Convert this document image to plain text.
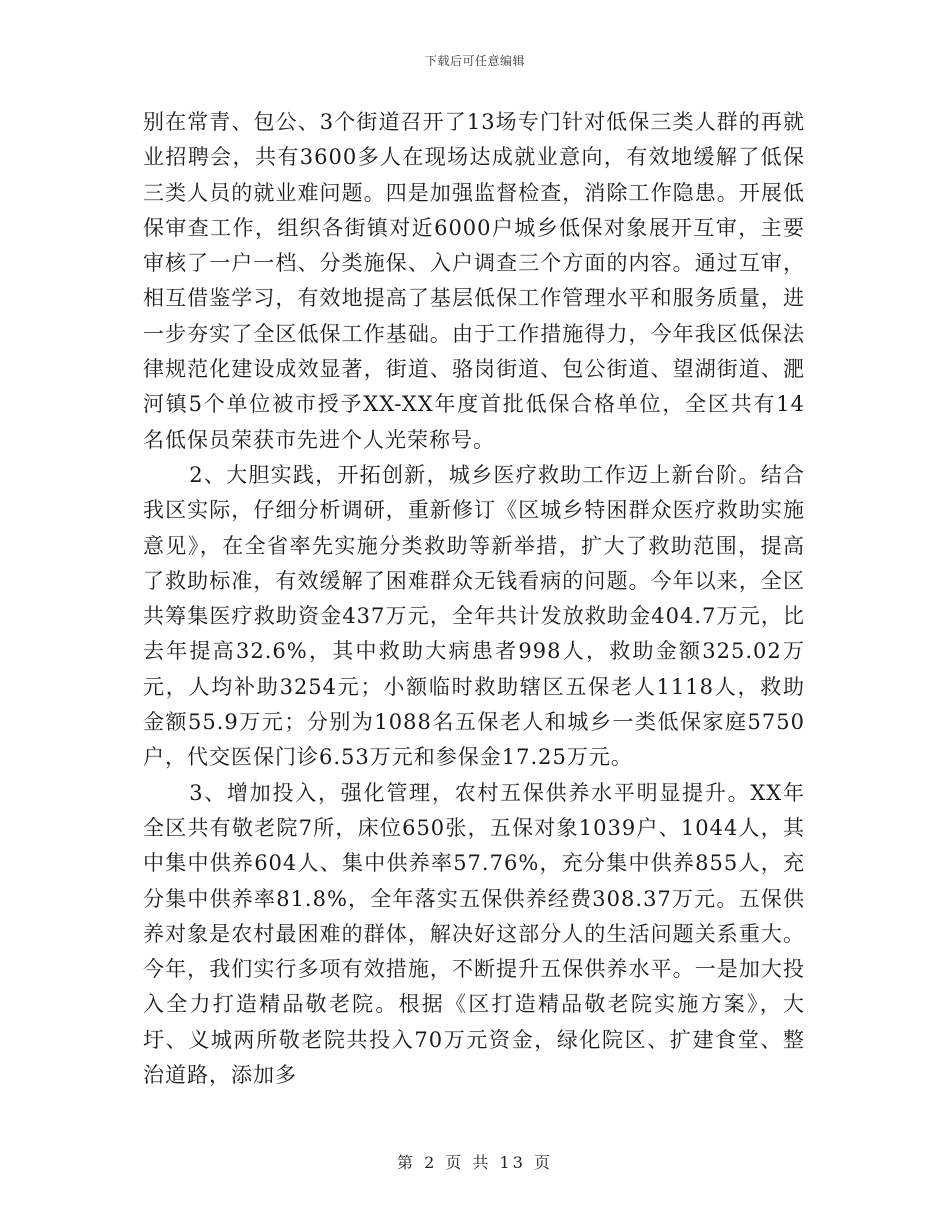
下载后可任意编辑

别在常青、包公、3个街道召开了13场专门针对低保三类人群的再就业招聘会，共有3600多人在现场达成就业意向，有效地缓解了低保三类人员的就业难问题。四是加强监督检查，消除工作隐患。开展低保审查工作，组织各街镇对近6000户城乡低保对象展开互审，主要审核了一户一档、分类施保、入户调查三个方面的内容。通过互审，相互借鉴学习，有效地提高了基层低保工作管理水平和服务质量，进一步夯实了全区低保工作基础。由于工作措施得力，今年我区低保法律规范化建设成效显著，街道、骆岗街道、包公街道、望湖街道、淝河镇5个单位被市授予XX-XX年度首批低保合格单位，全区共有14名低保员荣获市先进个人光荣称号。

2、大胆实践，开拓创新，城乡医疗救助工作迈上新台阶。结合我区实际，仔细分析调研，重新修订《区城乡特困群众医疗救助实施意见》，在全省率先实施分类救助等新举措，扩大了救助范围，提高了救助标准，有效缓解了困难群众无钱看病的问题。今年以来，全区共筹集医疗救助资金437万元，全年共计发放救助金404.7万元，比去年提高32.6%，其中救助大病患者998人，救助金额325.02万元，人均补助3254元；小额临时救助辖区五保老人1118人，救助金额55.9万元；分别为1088名五保老人和城乡一类低保家庭5750户，代交医保门诊6.53万元和参保金17.25万元。

3、增加投入，强化管理，农村五保供养水平明显提升。XX年全区共有敬老院7所，床位650张，五保对象1039户、1044人，其中集中供养604人、集中供养率57.76%，充分集中供养855人，充分集中供养率81.8%，全年落实五保供养经费308.37万元。五保供养对象是农村最困难的群体，解决好这部分人的生活问题关系重大。今年，我们实行多项有效措施，不断提升五保供养水平。一是加大投入全力打造精品敬老院。根据《区打造精品敬老院实施方案》，大圩、义城两所敬老院共投入70万元资金，绿化院区、扩建食堂、整治道路，添加多

第 2 页 共 13 页
